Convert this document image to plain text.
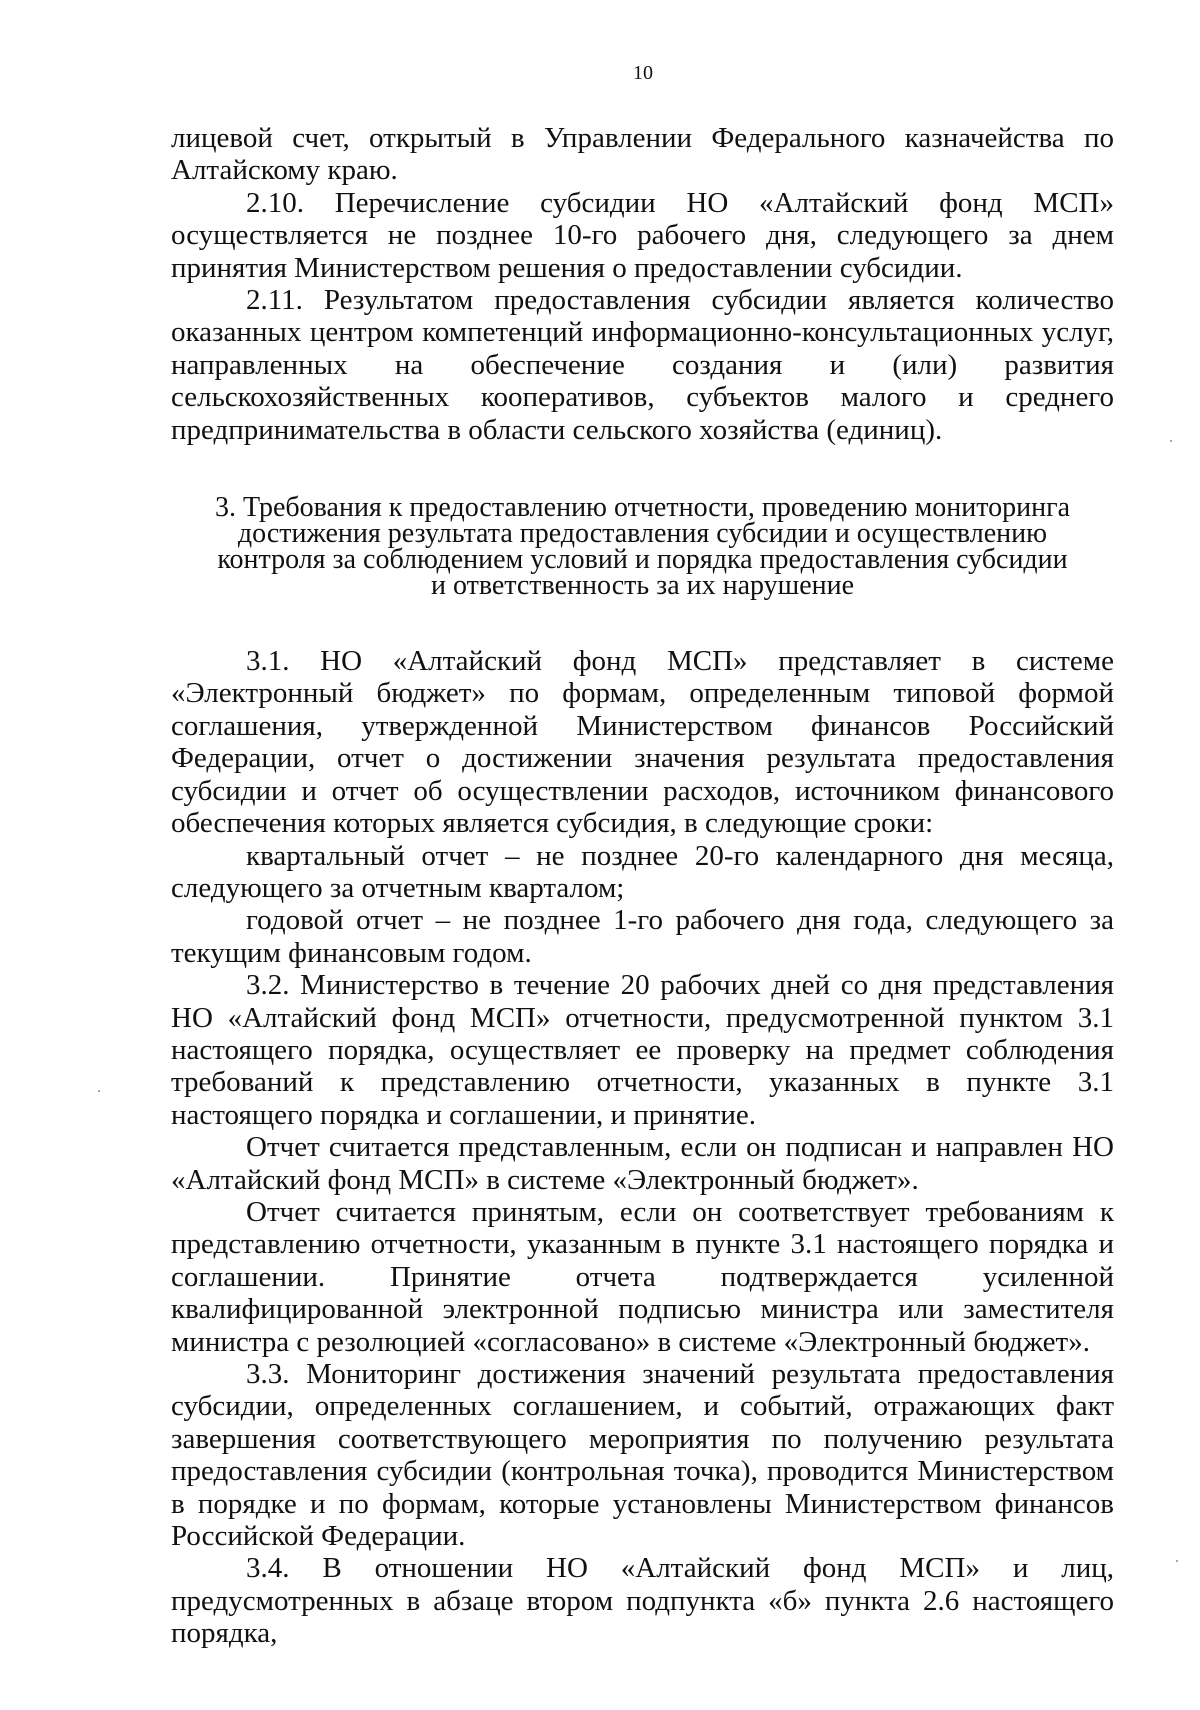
10

лицевой счет, открытый в Управлении Федерального казначейства по Алтайскому краю.

2.10. Перечисление субсидии НО «Алтайский фонд МСП» осуществляется не позднее 10-го рабочего дня, следующего за днем принятия Министерством решения о предоставлении субсидии.

2.11. Результатом предоставления субсидии является количество оказанных центром компетенций информационно-консультационных услуг, направленных на обеспечение создания и (или) развития сельскохозяйственных кооперативов, субъектов малого и среднего предпринимательства в области сельского хозяйства (единиц).

3. Требования к предоставлению отчетности, проведению мониторинга
достижения результата предоставления субсидии и осуществлению
контроля за соблюдением условий и порядка предоставления субсидии
и ответственность за их нарушение

3.1. НО «Алтайский фонд МСП» представляет в системе «Электронный бюджет» по формам, определенным типовой формой соглашения, утвержденной Министерством финансов Российский Федерации, отчет о достижении значения результата предоставления субсидии и отчет об осуществлении расходов, источником финансового обеспечения которых является субсидия, в следующие сроки:

квартальный отчет – не позднее 20-го календарного дня месяца, следующего за отчетным кварталом;

годовой отчет – не позднее 1-го рабочего дня года, следующего за текущим финансовым годом.

3.2. Министерство в течение 20 рабочих дней со дня представления НО «Алтайский фонд МСП» отчетности, предусмотренной пунктом 3.1 настоящего порядка, осуществляет ее проверку на предмет соблюдения требований к представлению отчетности, указанных в пункте 3.1 настоящего порядка и соглашении, и принятие.

Отчет считается представленным, если он подписан и направлен НО «Алтайский фонд МСП» в системе «Электронный бюджет».

Отчет считается принятым, если он соответствует требованиям к представлению отчетности, указанным в пункте 3.1 настоящего порядка и соглашении. Принятие отчета подтверждается усиленной квалифицированной электронной подписью министра или заместителя министра с резолюцией «согласовано» в системе «Электронный бюджет».

3.3. Мониторинг достижения значений результата предоставления субсидии, определенных соглашением, и событий, отражающих факт завершения соответствующего мероприятия по получению результата предоставления субсидии (контрольная точка), проводится Министерством в порядке и по формам, которые установлены Министерством финансов Российской Федерации.

3.4. В отношении НО «Алтайский фонд МСП» и лиц, предусмотренных в абзаце втором подпункта «б» пункта 2.6 настоящего порядка,
